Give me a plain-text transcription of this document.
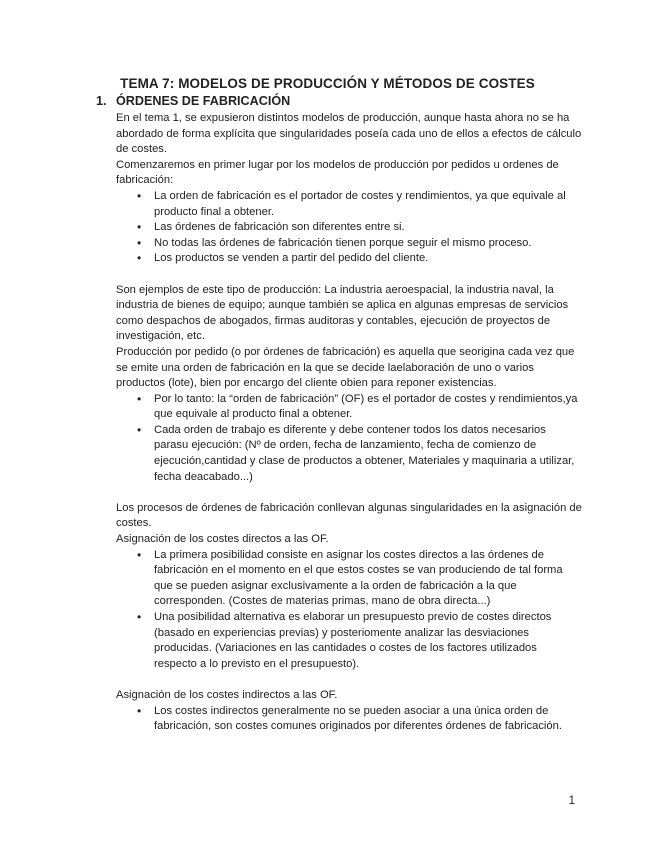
TEMA 7: MODELOS DE PRODUCCIÓN Y MÉTODOS DE COSTES
1. ÓRDENES DE FABRICACIÓN

En el tema 1, se expusieron distintos modelos de producción, aunque hasta ahora no se ha abordado de forma explícita que singularidades poseía cada uno de ellos a efectos de cálculo de costes.

Comenzaremos en primer lugar por los modelos de producción por pedidos u ordenes de fabricación:

• La orden de fabricación es el portador de costes y rendimientos, ya que equivale al producto final a obtener.
• Las órdenes de fabricación son diferentes entre si.
• No todas las órdenes de fabricación tienen porque seguir el mismo proceso.
• Los productos se venden a partir del pedido del cliente.

Son ejemplos de este tipo de producción: La industria aeroespacial, la industria naval, la industria de bienes de equipo; aunque también se aplica en algunas empresas de servicios como despachos de abogados, firmas auditoras y contables, ejecución de proyectos de investigación, etc.

Producción por pedido (o por órdenes de fabricación) es aquella que seorigina cada vez que se emite una orden de fabricación en la que se decide laelaboración de uno o varios productos (lote), bien por encargo del cliente obien para reponer existencias.

• Por lo tanto: la “orden de fabricación” (OF) es el portador de costes y rendimientos,ya que equivale al producto final a obtener.
• Cada orden de trabajo es diferente y debe contener todos los datos necesarios parasu ejecución: (Nº de orden, fecha de lanzamiento, fecha de comienzo de ejecución,cantidad y clase de productos a obtener, Materiales y maquinaria a utilizar, fecha deacabado...)

Los procesos de órdenes de fabricación conllevan algunas singularidades en la asignación de costes.

Asignación de los costes directos a las OF.

• La primera posibilidad consiste en asignar los costes directos a las órdenes de fabricación en el momento en el que estos costes se van produciendo de tal forma que se pueden asignar exclusivamente a la orden de fabricación a la que corresponden. (Costes de materias primas, mano de obra directa...)
• Una posibilidad alternativa es elaborar un presupuesto previo de costes directos (basado en experiencias previas) y posteriomente analizar las desviaciones producidas. (Variaciones en las cantidades o costes de los factores utilizados respecto a lo previsto en el presupuesto).

Asignación de los costes indirectos a las OF.

• Los costes indirectos generalmente no se pueden asociar a una única orden de fabricación, son costes comunes originados por diferentes órdenes de fabricación.
1
